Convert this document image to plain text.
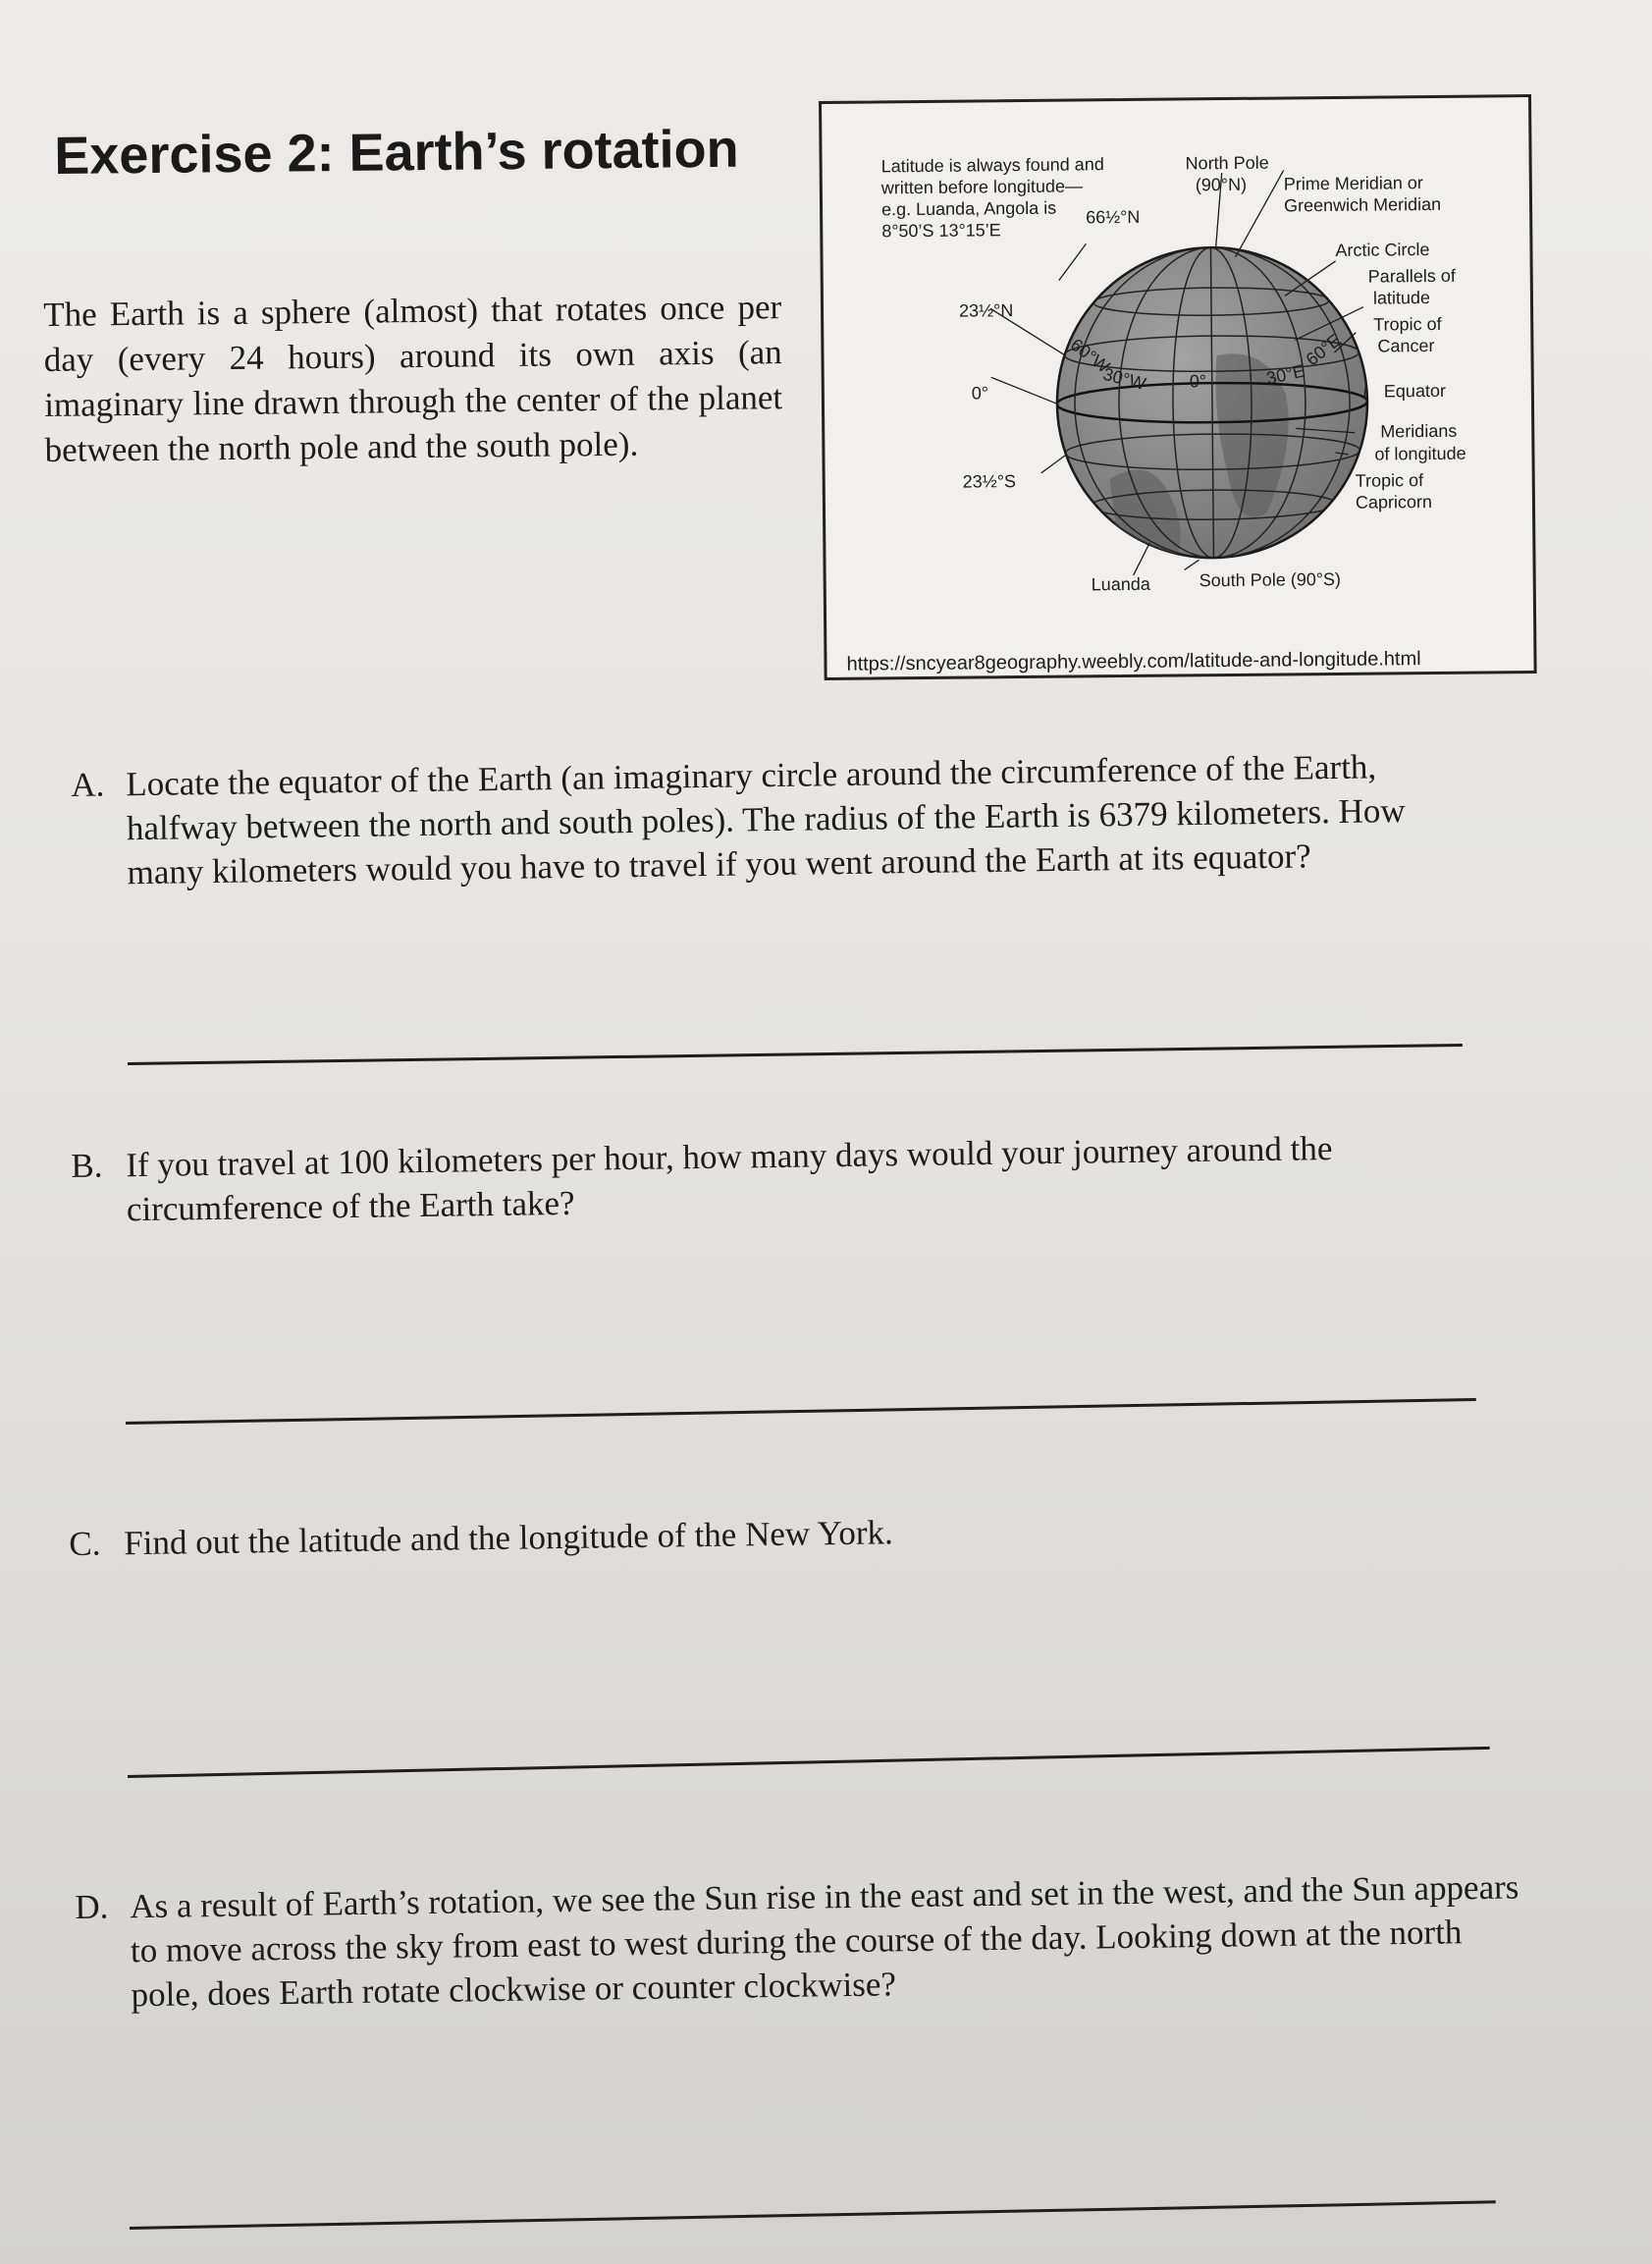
Exercise 2: Earth’s rotation

The Earth is a sphere (almost) that rotates once per day (every 24 hours) around its own axis (an imaginary line drawn through the center of the planet between the north pole and the south pole).

Latitude is always found and
written before longitude—
e.g. Luanda, Angola is
8°50’S 13°15’E
66½°N
North Pole
(90°N) Prime Meridian or
Greenwich Meridian
Arctic Circle
Parallels of
latitude
Tropic of
Cancer
Equator
Meridians
of longitude
Tropic of
Capricorn
South Pole (90°S)
Luanda
23½°N
0°
23½°S
60°W
30°W 0°	30°E
60°E
https://sncyear8geography.weebly.com/latitude-and-longitude.html
A. Locate the equator of the Earth (an imaginary circle around the circumference of the Earth, halfway between the north and south poles). The radius of the Earth is 6379 kilometers. How many kilometers would you have to travel if you went around the Earth at its equator?
B. If you travel at 100 kilometers per hour, how many days would your journey around the circumference of the Earth take?
C. Find out the latitude and the longitude of the New York.
D. As a result of Earth’s rotation, we see the Sun rise in the east and set in the west, and the Sun appears to move across the sky from east to west during the course of the day. Looking down at the north pole, does Earth rotate clockwise or counter clockwise?
